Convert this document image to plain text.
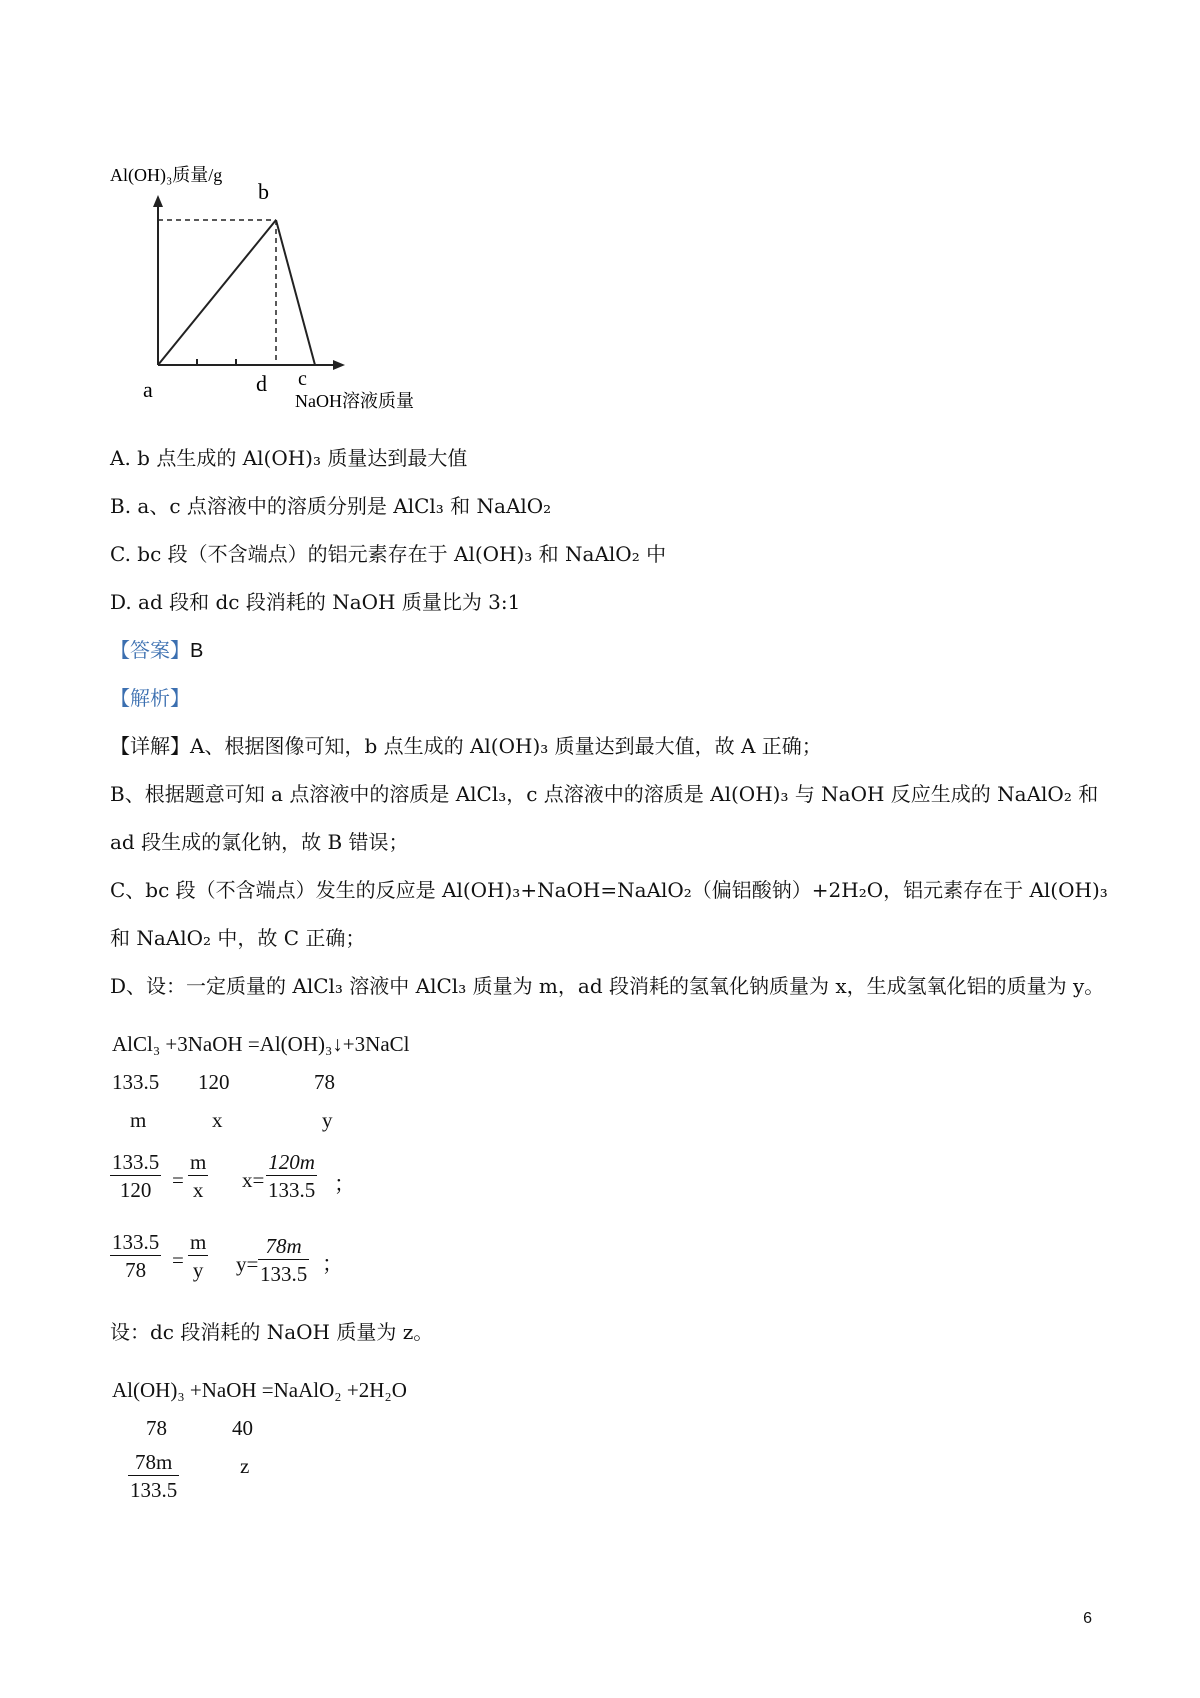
Al(OH)₃质量/g
b
a	d c
NaOH溶液质量
A. b 点生成的 Al(OH)₃ 质量达到最大值
B. a、c 点溶液中的溶质分别是 AlCl₃ 和 NaAlO₂
C. bc 段（不含端点）的铝元素存在于 Al(OH)₃ 和 NaAlO₂ 中
D. ad 段和 dc 段消耗的 NaOH 质量比为 3:1
【答案】B
【解析】
【详解】A、根据图像可知，b 点生成的 Al(OH)₃ 质量达到最大值，故 A 正确；
B、根据题意可知 a 点溶液中的溶质是 AlCl₃，c 点溶液中的溶质是 Al(OH)₃ 与 NaOH 反应生成的 NaAlO₂ 和
ad 段生成的氯化钠，故 B 错误；
C、bc 段（不含端点）发生的反应是 Al(OH)₃+NaOH=NaAlO₂（偏铝酸钠）+2H₂O，铝元素存在于 Al(OH)₃
和 NaAlO₂ 中，故 C 正确；
D、设：一定质量的 AlCl₃ 溶液中 AlCl₃ 质量为 m，ad 段消耗的氢氧化钠质量为 x，生成氢氧化铝的质量为 y。
AlCl₃ +3NaOH =Al(OH)₃↓+3NaCl
133.5 120	78
m	x	y
$\frac{133.5}{120} = \frac{m}{x} x= \frac{120m}{133.5}$ ；
$\frac{133.5}{78} = \frac{m}{y} y= \frac{78m}{133.5}$ ；
设：dc 段消耗的 NaOH 质量为 z。
Al(OH)₃ +NaOH =NaAlO₂ +2H₂O
78	40
$\frac{78m}{133.5}$	z
6
